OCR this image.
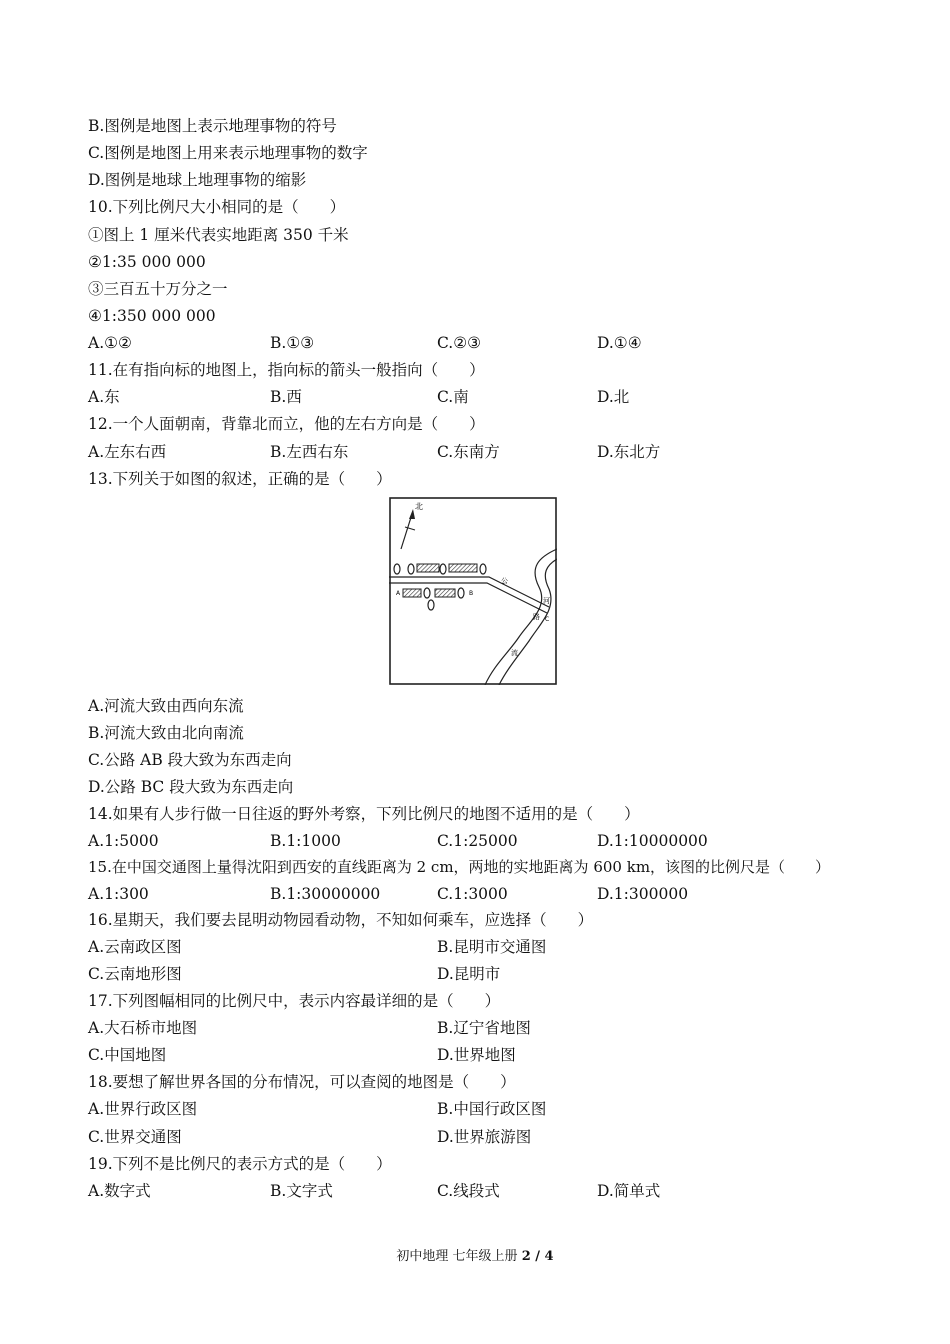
B.图例是地图上表示地理事物的符号
C.图例是地图上用来表示地理事物的数字
D.图例是地球上地理事物的缩影
10.下列比例尺大小相同的是（　　）
①图上 1 厘米代表实地距离 350 千米
②1:35 000 000
③三百五十万分之一
④1:350 000 000
A.①②	B.①③	C.②③	D.①④
11.在有指向标的地图上，指向标的箭头一般指向（　　）
A.东	B.西	C.南	D.北
12.一个人面朝南，背靠北而立，他的左右方向是（　　）
A.左东右西	B.左西右东	C.东南方	D.东北方
13.下列关于如图的叙述，正确的是（　　）
北
A	B
C
公
路
河
流
A.河流大致由西向东流
B.河流大致由北向南流
C.公路 AB 段大致为东西走向
D.公路 BC 段大致为东西走向
14.如果有人步行做一日往返的野外考察，下列比例尺的地图不适用的是（　　）
A.1:5000	B.1:1000	C.1:25000	D.1:10000000
15.在中国交通图上量得沈阳到西安的直线距离为 2 cm，两地的实地距离为 600 km，该图的比例尺是（　　）
A.1:300	B.1:30000000	C.1:3000	D.1:300000
16.星期天，我们要去昆明动物园看动物，不知如何乘车，应选择（　　）
A.云南政区图	B.昆明市交通图
C.云南地形图	D.昆明市
17.下列图幅相同的比例尺中，表示内容最详细的是（　　）
A.大石桥市地图	B.辽宁省地图
C.中国地图	D.世界地图
18.要想了解世界各国的分布情况，可以查阅的地图是（　　）
A.世界行政区图	B.中国行政区图
C.世界交通图	D.世界旅游图
19.下列不是比例尺的表示方式的是（　　）
A.数字式	B.文字式	C.线段式	D.简单式
初中地理 七年级上册 2 / 4
